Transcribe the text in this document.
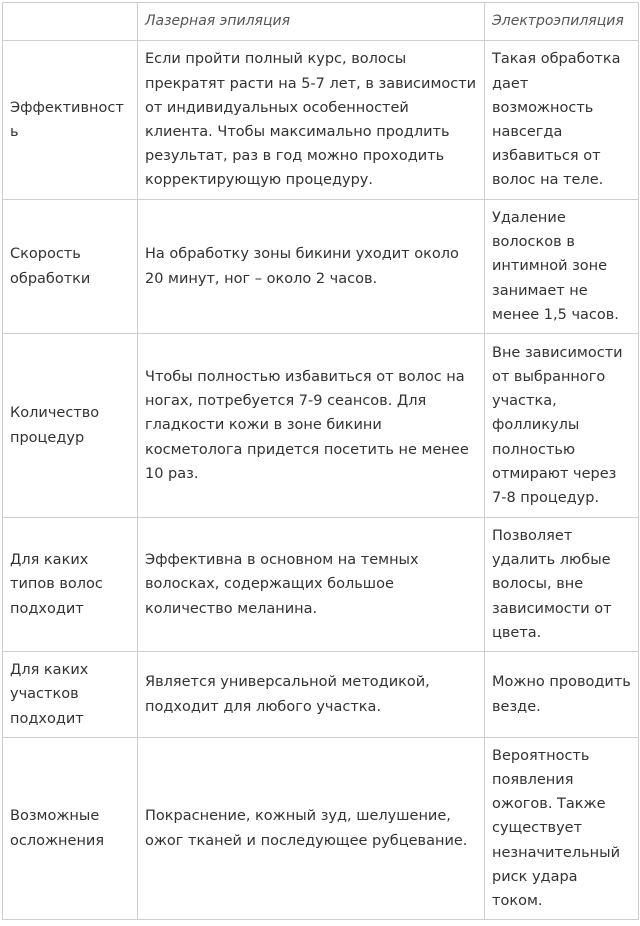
	Лазерная эпиляция	Электроэпиляция
Эффективность	Если пройти полный курс, волосы прекратят расти на 5-7 лет, в зависимости от индивидуальных особенностей клиента. Чтобы максимально продлить результат, раз в год можно проходить корректирующую процедуру.	Такая обработка дает возможность навсегда избавиться от волос на теле.
Скорость обработки	На обработку зоны бикини уходит около 20 минут, ног – около 2 часов.	Удаление волосков в интимной зоне занимает не менее 1,5 часов.
Количество процедур	Чтобы полностью избавиться от волос на ногах, потребуется 7-9 сеансов. Для гладкости кожи в зоне бикини косметолога придется посетить не менее 10 раз.	Вне зависимости от выбранного участка, фолликулы полностью отмирают через 7-8 процедур.
Для каких типов волос подходит	Эффективна в основном на темных волосках, содержащих большое количество меланина.	Позволяет удалить любые волосы, вне зависимости от цвета.
Для каких участков подходит	Является универсальной методикой, подходит для любого участка.	Можно проводить везде.
Возможные осложнения	Покраснение, кожный зуд, шелушение, ожог тканей и последующее рубцевание.	Вероятность появления ожогов. Также существует незначительный риск удара током.
